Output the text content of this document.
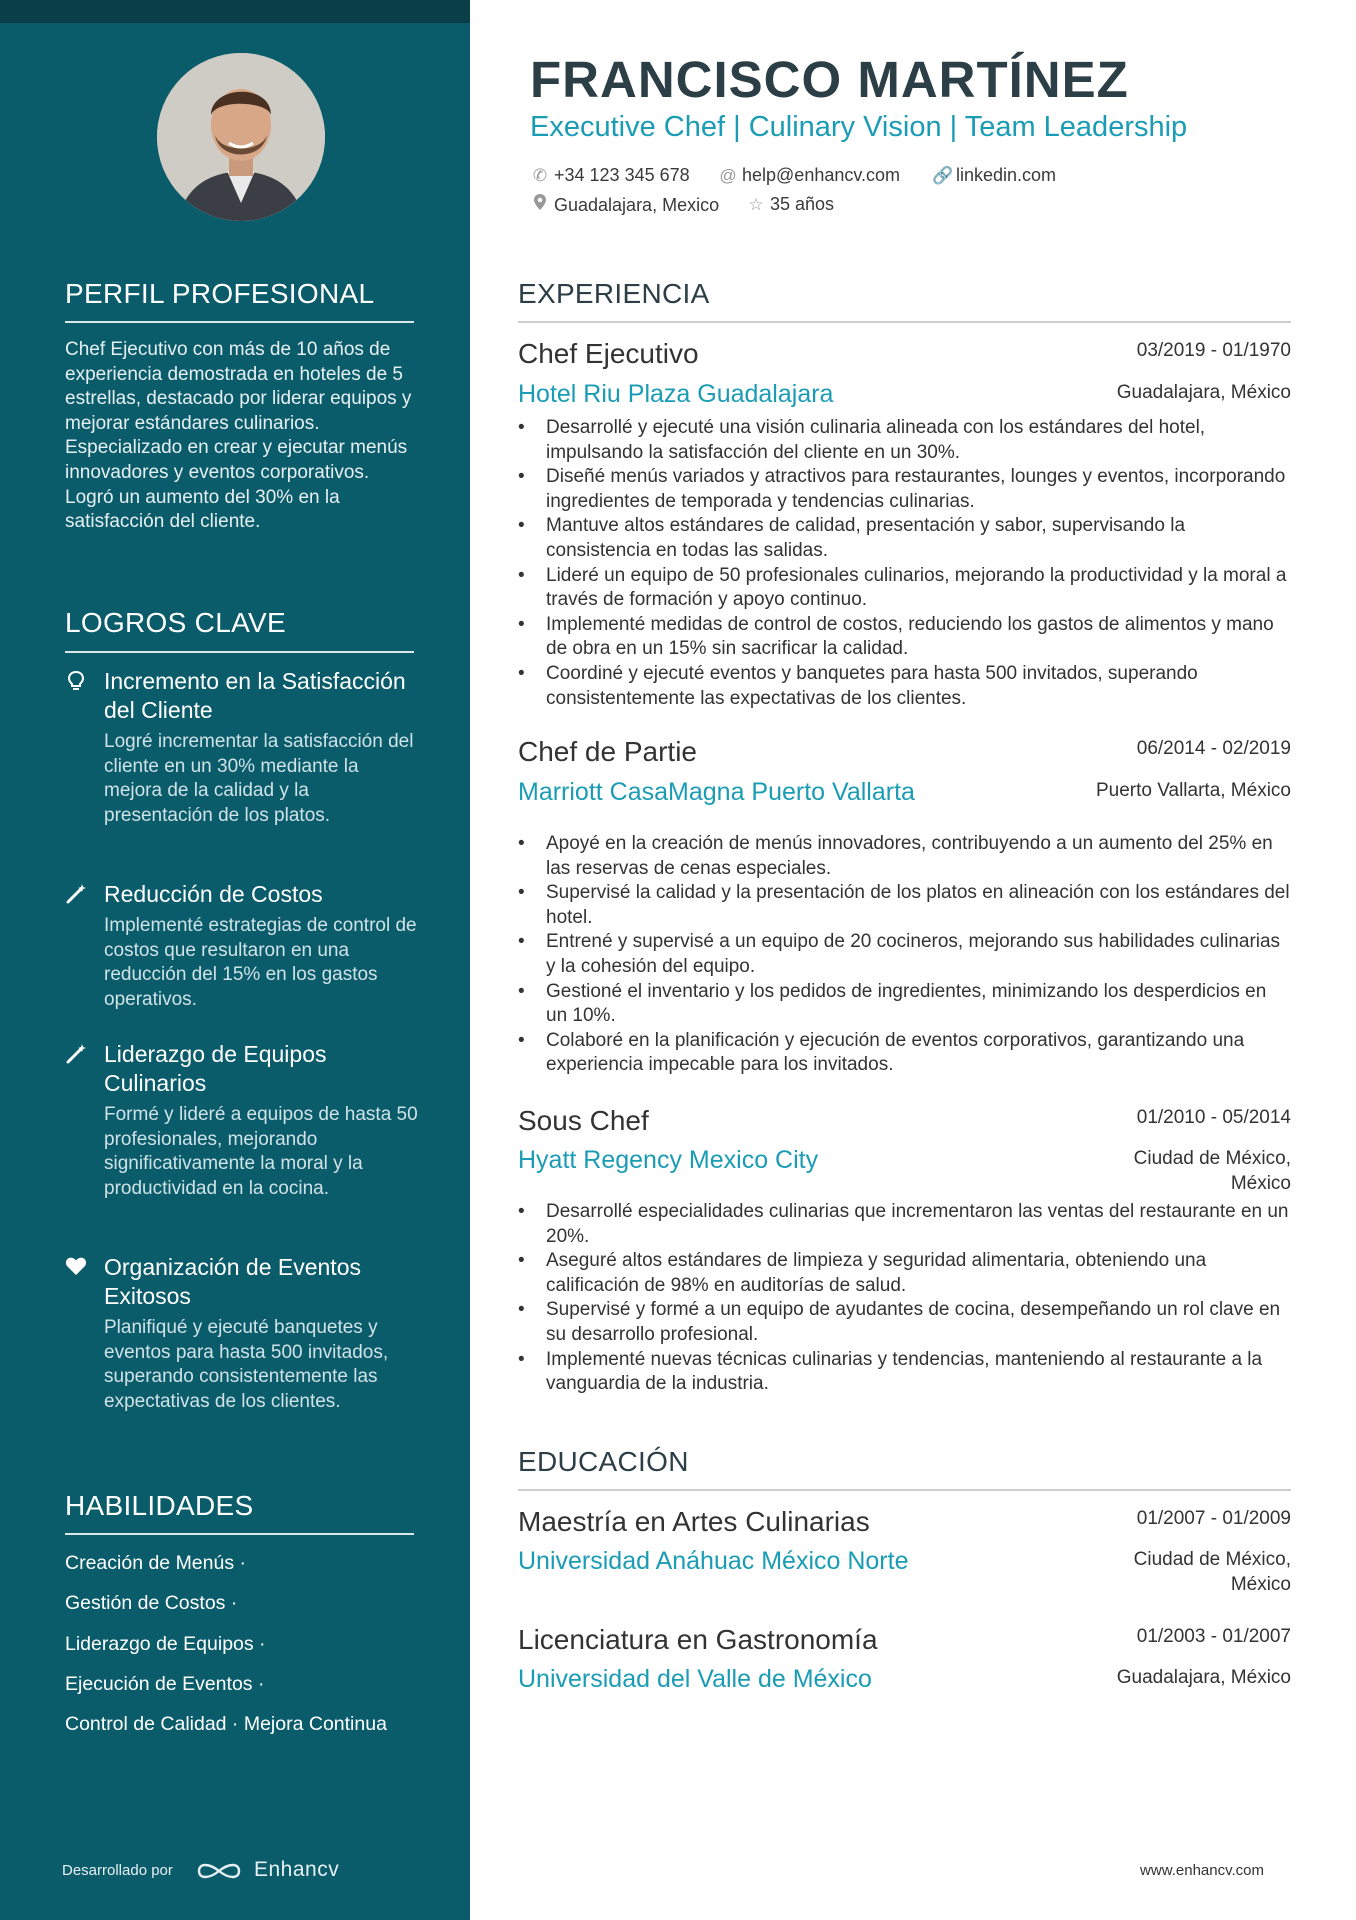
PERFIL PROFESIONAL
Chef Ejecutivo con más de 10 años de experiencia demostrada en hoteles de 5 estrellas, destacado por liderar equipos y mejorar estándares culinarios. Especializado en crear y ejecutar menús innovadores y eventos corporativos. Logró un aumento del 30% en la satisfacción del cliente.
LOGROS CLAVE
Incremento en la Satisfacción del Cliente
Logré incrementar la satisfacción del cliente en un 30% mediante la mejora de la calidad y la presentación de los platos.
Reducción de Costos
Implementé estrategias de control de costos que resultaron en una reducción del 15% en los gastos operativos.
Liderazgo de Equipos Culinarios
Formé y lideré a equipos de hasta 50 profesionales, mejorando significativamente la moral y la productividad en la cocina.
Organización de Eventos Exitosos
Planifiqué y ejecuté banquetes y eventos para hasta 500 invitados, superando consistentemente las expectativas de los clientes.
HABILIDADES
Creación de Menús ·
Gestión de Costos ·
Liderazgo de Equipos ·
Ejecución de Eventos ·
Control de Calidad · Mejora Continua
Desarrollado por	Enhancv
FRANCISCO MARTÍNEZ
Executive Chef | Culinary Vision | Team Leadership
✆ +34 123 345 678 @ help@enhancv.com 🔗 linkedin.com
Guadalajara, Mexico ☆ 35 años
EXPERIENCIA
Chef Ejecutivo	03/2019 - 01/1970
Hotel Riu Plaza Guadalajara	Guadalajara, México
• Desarrollé y ejecuté una visión culinaria alineada con los estándares del hotel, impulsando la satisfacción del cliente en un 30%.
• Diseñé menús variados y atractivos para restaurantes, lounges y eventos, incorporando ingredientes de temporada y tendencias culinarias.
• Mantuve altos estándares de calidad, presentación y sabor, supervisando la consistencia en todas las salidas.
• Lideré un equipo de 50 profesionales culinarios, mejorando la productividad y la moral a través de formación y apoyo continuo.
• Implementé medidas de control de costos, reduciendo los gastos de alimentos y mano de obra en un 15% sin sacrificar la calidad.
• Coordiné y ejecuté eventos y banquetes para hasta 500 invitados, superando consistentemente las expectativas de los clientes.
Chef de Partie	06/2014 - 02/2019
Marriott CasaMagna Puerto Vallarta	Puerto Vallarta, México
• Apoyé en la creación de menús innovadores, contribuyendo a un aumento del 25% en las reservas de cenas especiales.
• Supervisé la calidad y la presentación de los platos en alineación con los estándares del hotel.
• Entrené y supervisé a un equipo de 20 cocineros, mejorando sus habilidades culinarias y la cohesión del equipo.
• Gestioné el inventario y los pedidos de ingredientes, minimizando los desperdicios en un 10%.
• Colaboré en la planificación y ejecución de eventos corporativos, garantizando una experiencia impecable para los invitados.
Sous Chef	01/2010 - 05/2014
Hyatt Regency Mexico City	Ciudad de México, México
• Desarrollé especialidades culinarias que incrementaron las ventas del restaurante en un 20%.
• Aseguré altos estándares de limpieza y seguridad alimentaria, obteniendo una calificación de 98% en auditorías de salud.
• Supervisé y formé a un equipo de ayudantes de cocina, desempeñando un rol clave en su desarrollo profesional.
• Implementé nuevas técnicas culinarias y tendencias, manteniendo al restaurante a la vanguardia de la industria.
EDUCACIÓN
Maestría en Artes Culinarias	01/2007 - 01/2009
Universidad Anáhuac México Norte	Ciudad de México, México
Licenciatura en Gastronomía	01/2003 - 01/2007
Universidad del Valle de México	Guadalajara, México
www.enhancv.com
